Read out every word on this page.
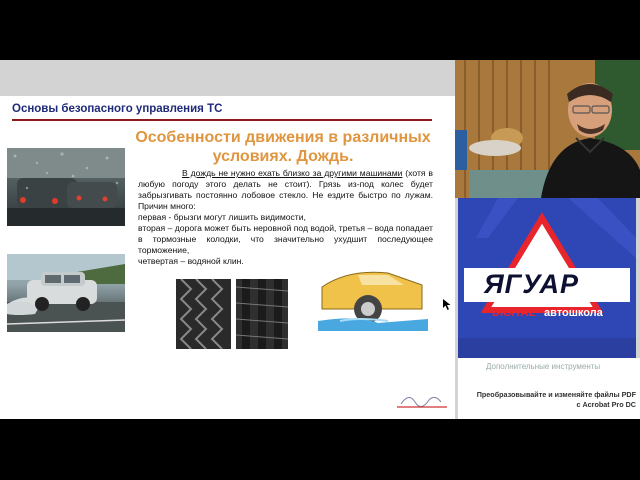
Основы безопасного управления ТС
Особенности движения в различных
условиях. Дождь.
В дождь не нужно ехать близко за другими машинами (хотя в любую погоду этого делать не стоит). Грязь из-под колес будет забрызгивать постоянно лобовое стекло. Не ездите быстро по лужам. Причин много:
первая - брызги могут лишить видимости,
вторая – дорога может быть неровной под водой, третья – вода попадает в тормозные колодки, что значительно ухудшит последующее торможение,
четвертая – водяной клин.
ЯГУАР
DIGITAL автошкола
Дополнительные инструменты
Преобразовывайте и изменяйте файлы PDF
с Acrobat Pro DC
